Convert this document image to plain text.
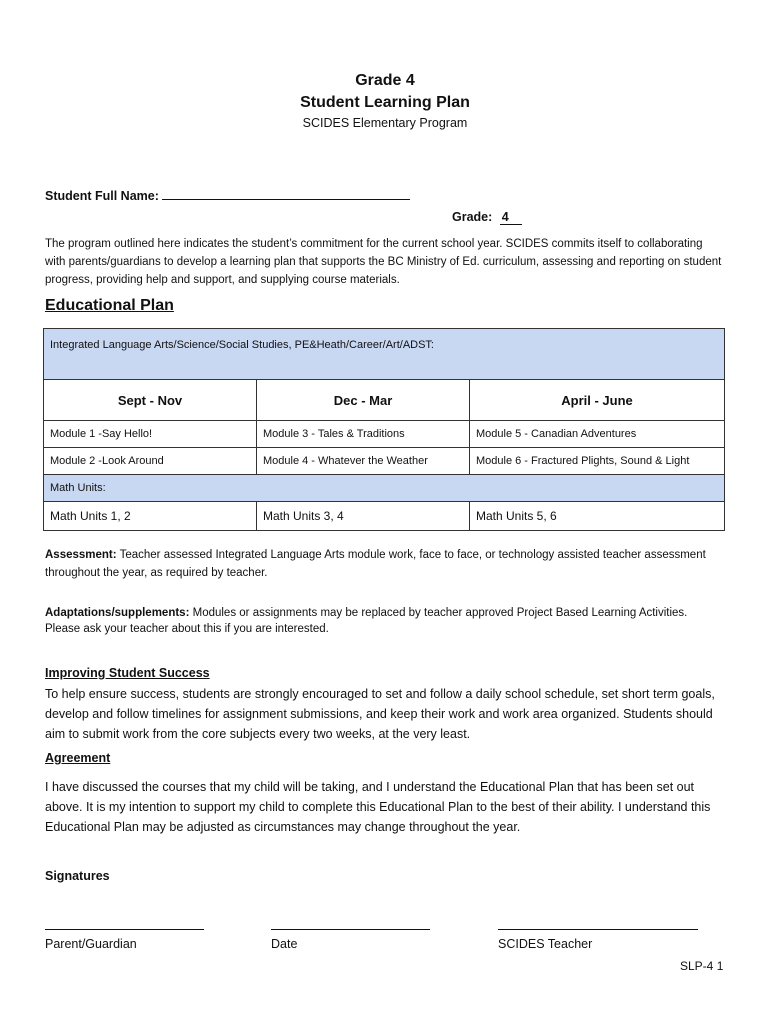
Grade 4
Student Learning Plan
SCIDES Elementary Program
Student Full Name:
Grade: 4
The program outlined here indicates the student’s commitment for the current school year. SCIDES commits itself to collaborating with parents/guardians to develop a learning plan that supports the BC Ministry of Ed. curriculum, assessing and reporting on student progress, providing help and support, and supplying course materials.
Educational Plan
Integrated Language Arts/Science/Social Studies, PE&Heath/Career/Art/ADST:		
Sept - Nov	Dec - Mar	April - June
Module 1 -Say Hello!	Module 3 - Tales & Traditions	Module 5 - Canadian Adventures
Module 2 -Look Around	Module 4 - Whatever the Weather	Module 6 - Fractured Plights, Sound & Light
Math Units:		
Math Units 1, 2	Math Units 3, 4	Math Units 5, 6
Assessment: Teacher assessed Integrated Language Arts module work, face to face, or technology assisted teacher assessment throughout the year, as required by teacher.
Adaptations/supplements: Modules or assignments may be replaced by teacher approved Project Based Learning Activities. Please ask your teacher about this if you are interested.
Improving Student Success
To help ensure success, students are strongly encouraged to set and follow a daily school schedule, set short term goals, develop and follow timelines for assignment submissions, and keep their work and work area organized. Students should aim to submit work from the core subjects every two weeks, at the very least.
Agreement
I have discussed the courses that my child will be taking, and I understand the Educational Plan that has been set out above. It is my intention to support my child to complete this Educational Plan to the best of their ability. I understand this Educational Plan may be adjusted as circumstances may change throughout the year.
Signatures
Parent/Guardian	Date	SCIDES Teacher
SLP-4 1
